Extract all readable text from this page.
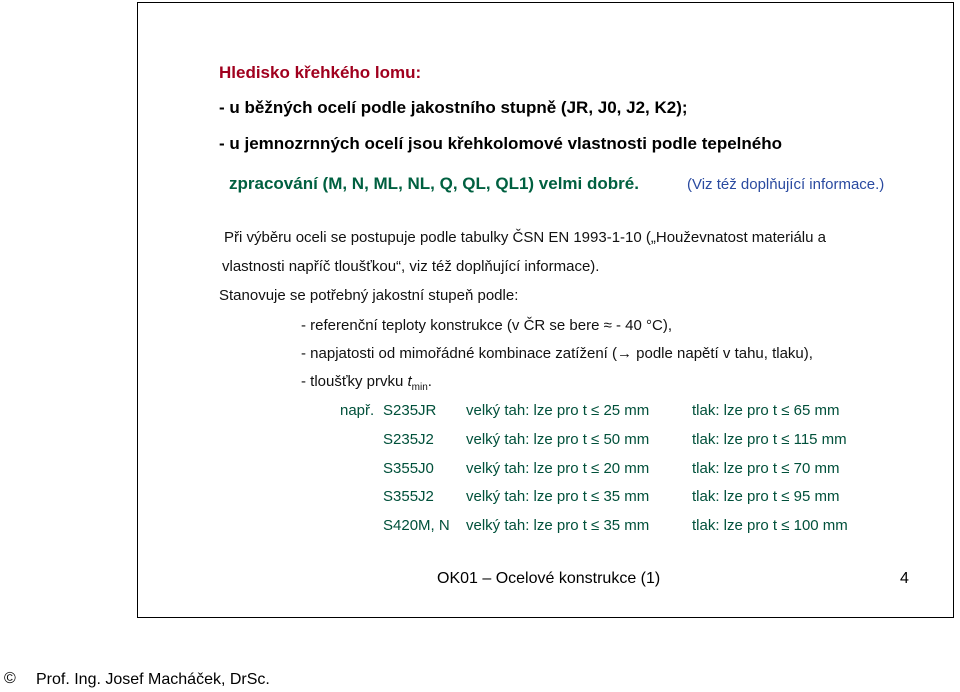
Hledisko křehkého lomu:
- u běžných ocelí podle jakostního stupně (JR, J0, J2, K2);
- u jemnozrnných ocelí jsou křehkolomové vlastnosti podle tepelného
zpracování (M, N, ML, NL, Q, QL, QL1) velmi dobré.	(Viz též doplňující informace.)
Při výběru oceli se postupuje podle tabulky ČSN EN 1993-1-10 („Houževnatost materiálu a
vlastnosti napříč tloušťkou“, viz též doplňující informace).
Stanovuje se potřebný jakostní stupeň podle:
- referenční teploty konstrukce (v ČR se bere ≈ - 40 °C),
- napjatosti od mimořádné kombinace zatížení (→ podle napětí v tahu, tlaku),
- tloušťky prvku $t_{min}$.
např. S235JR velký tah: lze pro t ≤ 25 mm	tlak: lze pro t ≤ 65 mm
S235J2 velký tah: lze pro t ≤ 50 mm	tlak: lze pro t ≤ 115 mm
S355J0 velký tah: lze pro t ≤ 20 mm	tlak: lze pro t ≤ 70 mm
S355J2 velký tah: lze pro t ≤ 35 mm	tlak: lze pro t ≤ 95 mm
S420M, N velký tah: lze pro t ≤ 35 mm	tlak: lze pro t ≤ 100 mm
OK01 – Ocelové konstrukce (1)	4
© Prof. Ing. Josef Macháček, DrSc.
